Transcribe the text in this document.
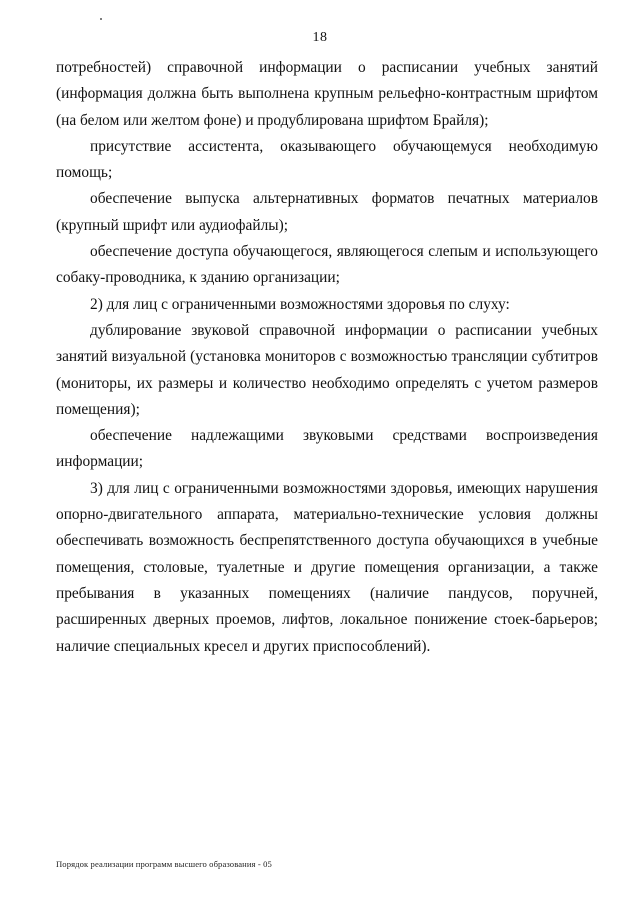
18

потребностей) справочной информации о расписании учебных занятий (информация должна быть выполнена крупным рельефно-контрастным шрифтом (на белом или желтом фоне) и продублирована шрифтом Брайля);

присутствие ассистента, оказывающего обучающемуся необходимую помощь;

обеспечение выпуска альтернативных форматов печатных материалов (крупный шрифт или аудиофайлы);

обеспечение доступа обучающегося, являющегося слепым и использующего собаку-проводника, к зданию организации;

2) для лиц с ограниченными возможностями здоровья по слуху:

дублирование звуковой справочной информации о расписании учебных занятий визуальной (установка мониторов с возможностью трансляции субтитров (мониторы, их размеры и количество необходимо определять с учетом размеров помещения);

обеспечение надлежащими звуковыми средствами воспроизведения информации;

3) для лиц с ограниченными возможностями здоровья, имеющих нарушения опорно-двигательного аппарата, материально-технические условия должны обеспечивать возможность беспрепятственного доступа обучающихся в учебные помещения, столовые, туалетные и другие помещения организации, а также пребывания в указанных помещениях (наличие пандусов, поручней, расширенных дверных проемов, лифтов, локальное понижение стоек-барьеров; наличие специальных кресел и других приспособлений).

Порядок реализации программ высшего образования - 05
